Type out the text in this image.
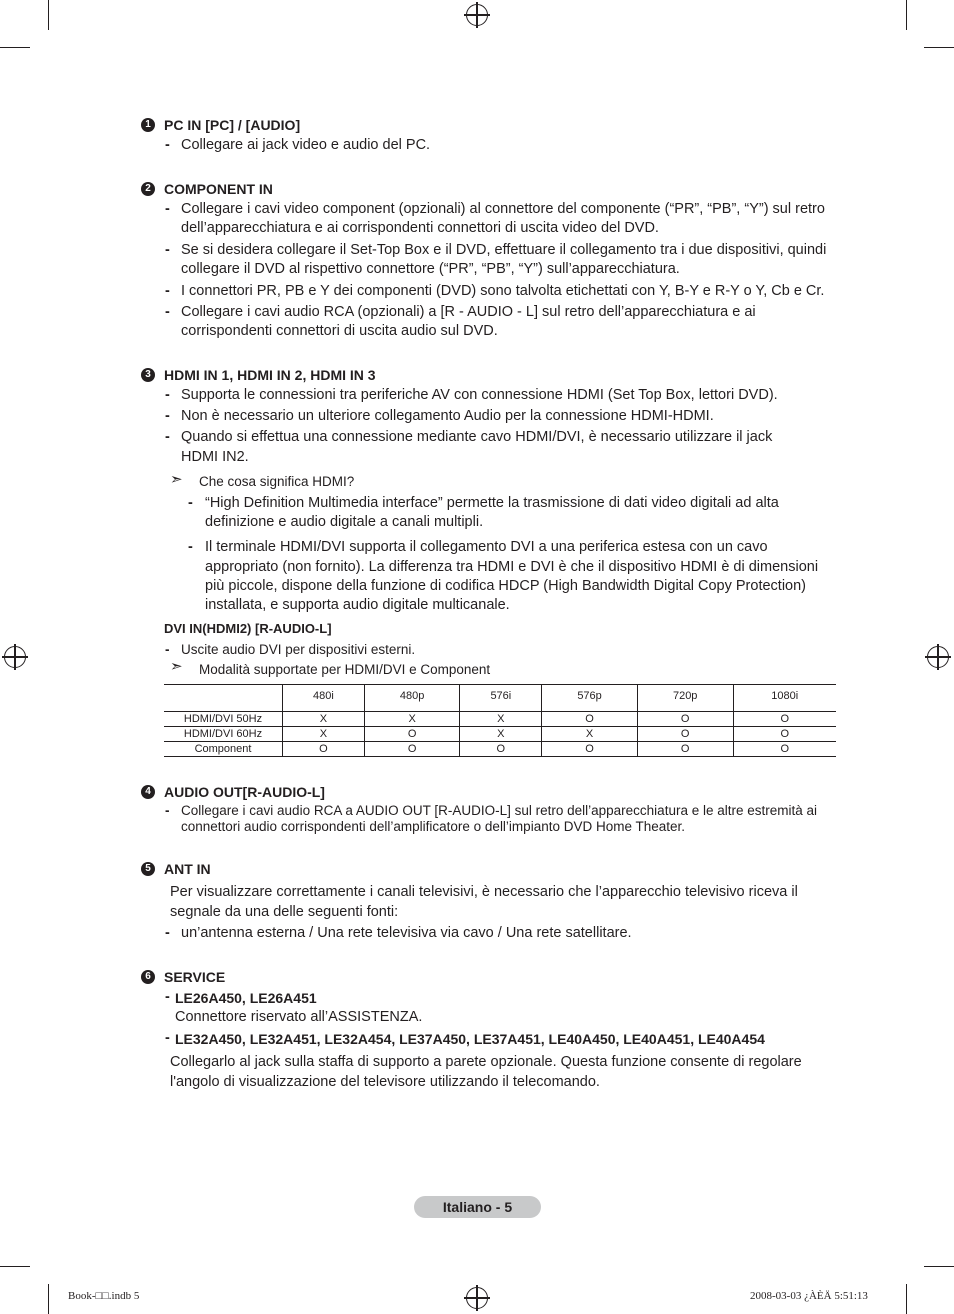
1 PC IN [PC] / [AUDIO]
- Collegare ai jack video e audio del PC.
2 COMPONENT IN
- Collegare i cavi video component (opzionali) al connettore del componente (“PR”, “PB”, “Y”) sul retro
dell’apparecchiatura e ai corrispondenti connettori di uscita video del DVD.
- Se si desidera collegare il Set-Top Box e il DVD, effettuare il collegamento tra i due dispositivi, quindi
collegare il DVD al rispettivo connettore (“PR”, “PB”, “Y”) sull’apparecchiatura.
- I connettori PR, PB e Y dei componenti (DVD) sono talvolta etichettati con Y, B-Y e R-Y o Y, Cb e Cr.
- Collegare i cavi audio RCA (opzionali) a [R - AUDIO - L] sul retro dell’apparecchiatura e ai
corrispondenti connettori di uscita audio sul DVD.
3 HDMI IN 1, HDMI IN 2, HDMI IN 3
- Supporta le connessioni tra periferiche AV con connessione HDMI (Set Top Box, lettori DVD).
- Non è necessario un ulteriore collegamento Audio per la connessione HDMI-HDMI.
- Quando si effettua una connessione mediante cavo HDMI/DVI, è necessario utilizzare il jack
HDMI IN2.
➣ Che cosa significa HDMI?
- “High Definition Multimedia interface” permette la trasmissione di dati video digitali ad alta
definizione e audio digitale a canali multipli.
- Il terminale HDMI/DVI supporta il collegamento DVI a una periferica estesa con un cavo
appropriato (non fornito). La differenza tra HDMI e DVI è che il dispositivo HDMI è di dimensioni
più piccole, dispone della funzione di codifica HDCP (High Bandwidth Digital Copy Protection)
installata, e supporta audio digitale multicanale.
DVI IN(HDMI2) [R-AUDIO-L]
- Uscite audio DVI per dispositivi esterni.
➣ Modalità supportate per HDMI/DVI e Component
	480i	480p	576i	576p	720p	1080i
HDMI/DVI 50Hz	X	X	X	O	O	O
HDMI/DVI 60Hz	X	O	X	X	O	O
Component	O	O	O	O	O	O
4 AUDIO OUT[R-AUDIO-L]
- Collegare i cavi audio RCA a AUDIO OUT [R-AUDIO-L] sul retro dell’apparecchiatura e le altre estremità ai
connettori audio corrispondenti dell’amplificatore o dell’impianto DVD Home Theater.
5 ANT IN
Per visualizzare correttamente i canali televisivi, è necessario che l’apparecchio televisivo riceva il
segnale da una delle seguenti fonti:
- un’antenna esterna / Una rete televisiva via cavo / Una rete satellitare.
6 SERVICE
- LE26A450, LE26A451
Connettore riservato all’ASSISTENZA.
- LE32A450, LE32A451, LE32A454, LE37A450, LE37A451, LE40A450, LE40A451, LE40A454
Collegarlo al jack sulla staffa di supporto a parete opzionale. Questa funzione consente di regolare
l'angolo di visualizzazione del televisore utilizzando il telecomando.
Italiano - 5
Book-□□.indb 5	2008-03-03 ¿ÀÈÄ 5:51:13
